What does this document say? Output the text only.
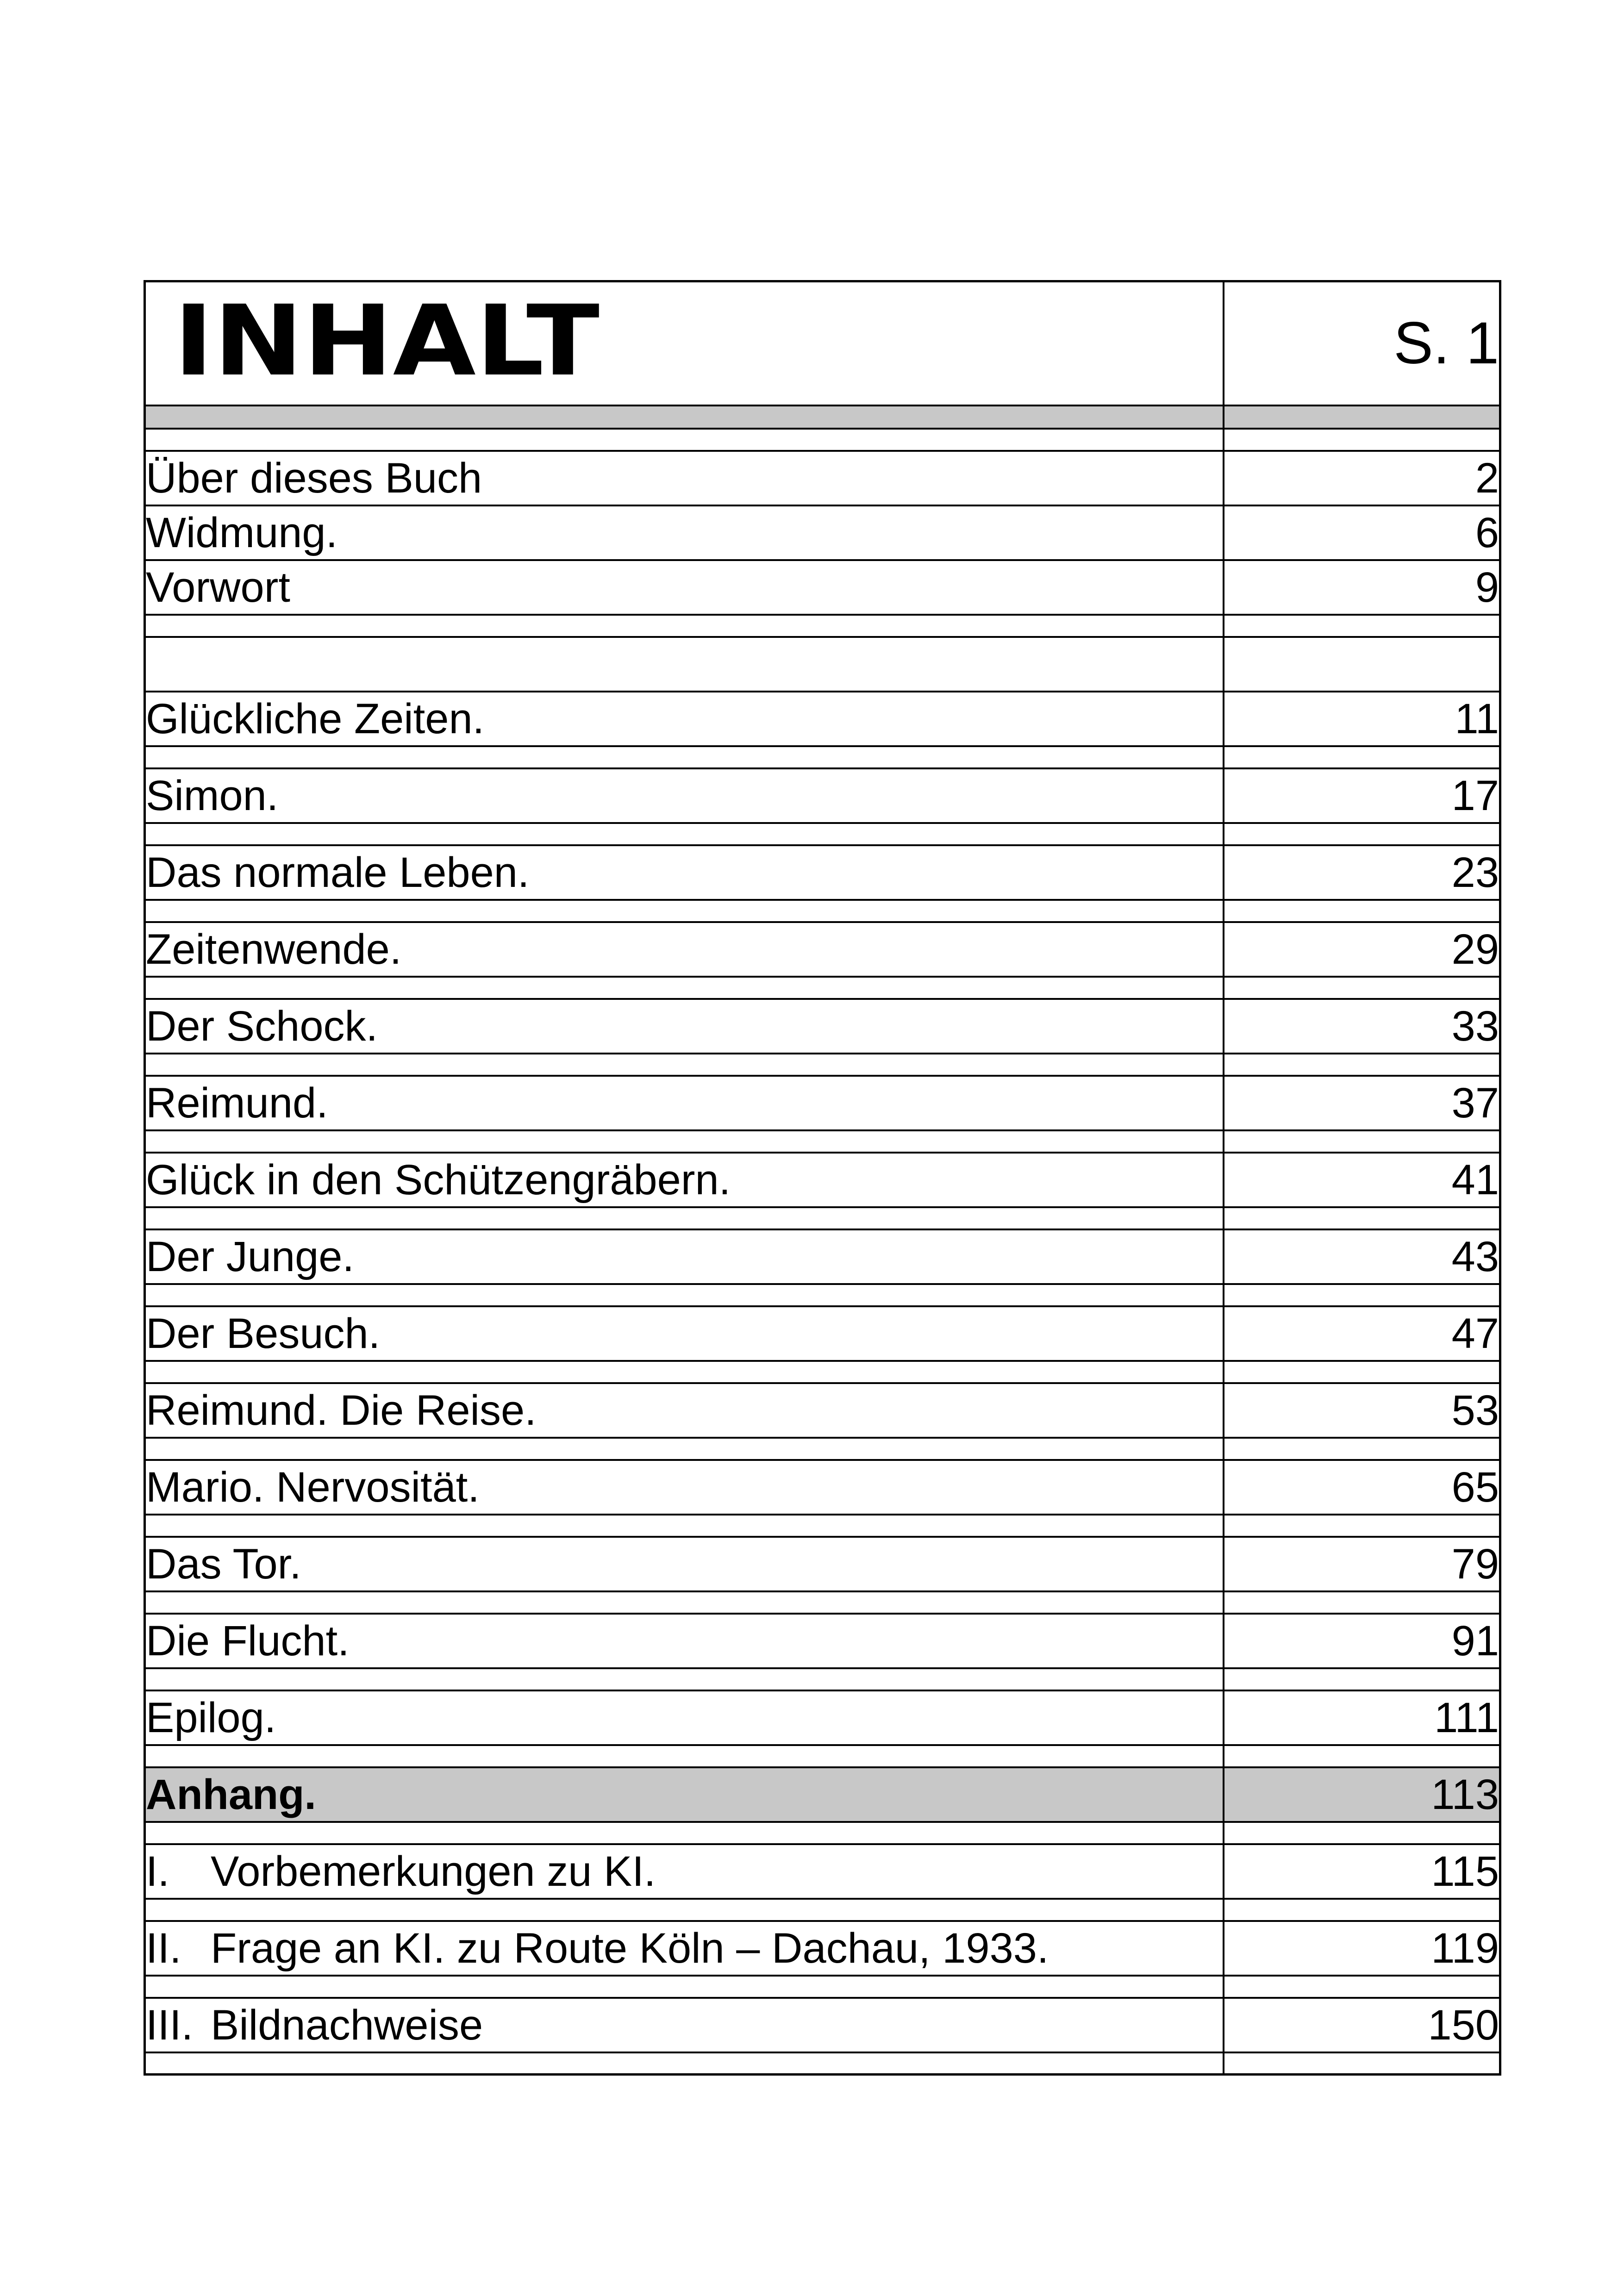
INHALT	S. 1

Über dieses Buch	2
Widmung.	6
Vorwort	9

Glückliche Zeiten.	11

Simon.	17

Das normale Leben.	23

Zeitenwende.	29

Der Schock.	33

Reimund.	37

Glück in den Schützengräbern.	41

Der Junge.	43

Der Besuch.	47

Reimund. Die Reise.	53

Mario. Nervosität.	65

Das Tor.	79

Die Flucht.	91

Epilog.	111

Anhang.	113

I. Vorbemerkungen zu KI.	115

II. Frage an KI. zu Route Köln – Dachau, 1933.	119

III. Bildnachweise	150
